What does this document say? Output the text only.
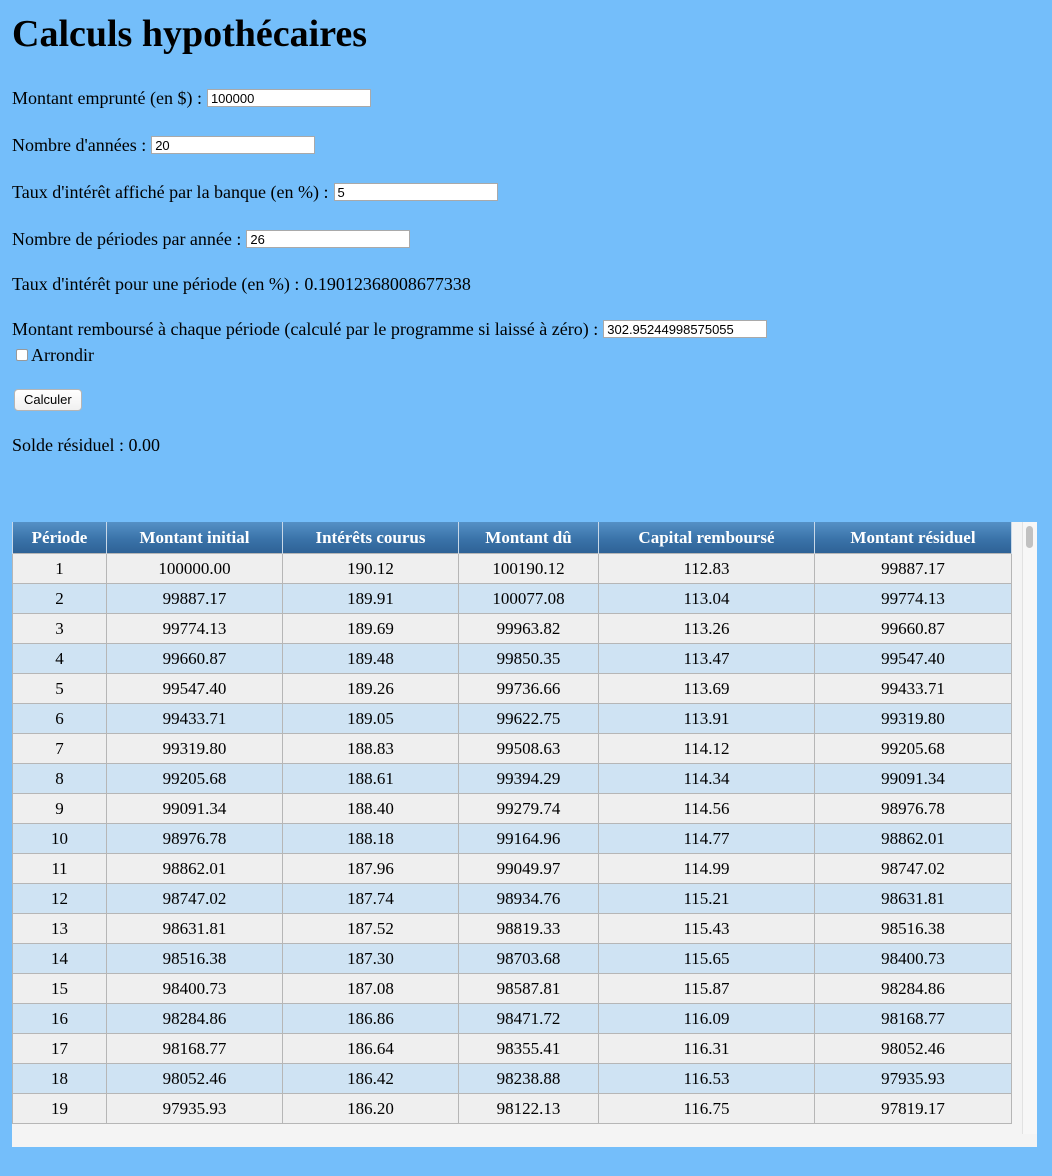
Calculs hypothécaires
Montant emprunté (en $) :
100000
Nombre d'années :
20
Taux d'intérêt affiché par la banque (en %) :
5
Nombre de périodes par année :
26
Taux d'intérêt pour une période (en %) : 0.19012368008677338
Montant remboursé à chaque période (calculé par le programme si laissé à zéro) :
302.95244998575055
Arrondir
Calculer
Solde résiduel : 0.00
Période	Montant initial	Intérêts courus	Montant dû	Capital remboursé	Montant résiduel
1	100000.00	190.12	100190.12	112.83	99887.17
2	99887.17	189.91	100077.08	113.04	99774.13
3	99774.13	189.69	99963.82	113.26	99660.87
4	99660.87	189.48	99850.35	113.47	99547.40
5	99547.40	189.26	99736.66	113.69	99433.71
6	99433.71	189.05	99622.75	113.91	99319.80
7	99319.80	188.83	99508.63	114.12	99205.68
8	99205.68	188.61	99394.29	114.34	99091.34
9	99091.34	188.40	99279.74	114.56	98976.78
10	98976.78	188.18	99164.96	114.77	98862.01
11	98862.01	187.96	99049.97	114.99	98747.02
12	98747.02	187.74	98934.76	115.21	98631.81
13	98631.81	187.52	98819.33	115.43	98516.38
14	98516.38	187.30	98703.68	115.65	98400.73
15	98400.73	187.08	98587.81	115.87	98284.86
16	98284.86	186.86	98471.72	116.09	98168.77
17	98168.77	186.64	98355.41	116.31	98052.46
18	98052.46	186.42	98238.88	116.53	97935.93
19	97935.93	186.20	98122.13	116.75	97819.17
